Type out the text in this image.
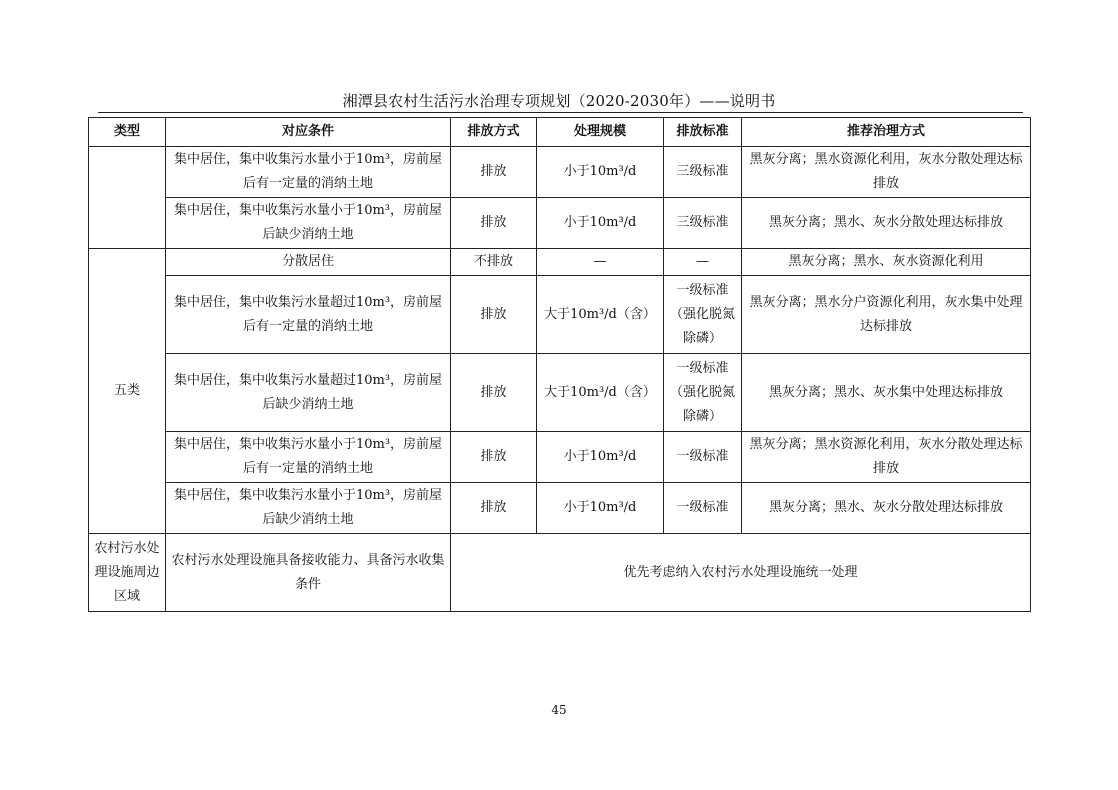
湘潭县农村生活污水治理专项规划（2020-2030年）——说明书
类型	对应条件	排放方式	处理规模	排放标准	推荐治理方式
	集中居住，集中收集污水量小于10m³，房前屋后有一定量的消纳土地	排放	小于10m³/d	三级标准	黑灰分离；黑水资源化利用，灰水分散处理达标排放
	集中居住，集中收集污水量小于10m³，房前屋后缺少消纳土地	排放	小于10m³/d	三级标准	黑灰分离；黑水、灰水分散处理达标排放
五类	分散居住	不排放	—	—	黑灰分离；黑水、灰水资源化利用
	集中居住，集中收集污水量超过10m³，房前屋后有一定量的消纳土地	排放	大于10m³/d（含）	一级标准（强化脱氮除磷）	黑灰分离；黑水分户资源化利用，灰水集中处理达标排放
	集中居住，集中收集污水量超过10m³，房前屋后缺少消纳土地	排放	大于10m³/d（含）	一级标准（强化脱氮除磷）	黑灰分离；黑水、灰水集中处理达标排放
	集中居住，集中收集污水量小于10m³，房前屋后有一定量的消纳土地	排放	小于10m³/d	一级标准	黑灰分离；黑水资源化利用，灰水分散处理达标排放
	集中居住，集中收集污水量小于10m³，房前屋后缺少消纳土地	排放	小于10m³/d	一级标准	黑灰分离；黑水、灰水分散处理达标排放
农村污水处理设施周边区域	农村污水处理设施具备接收能力、具备污水收集条件	优先考虑纳入农村污水处理设施统一处理			
45
